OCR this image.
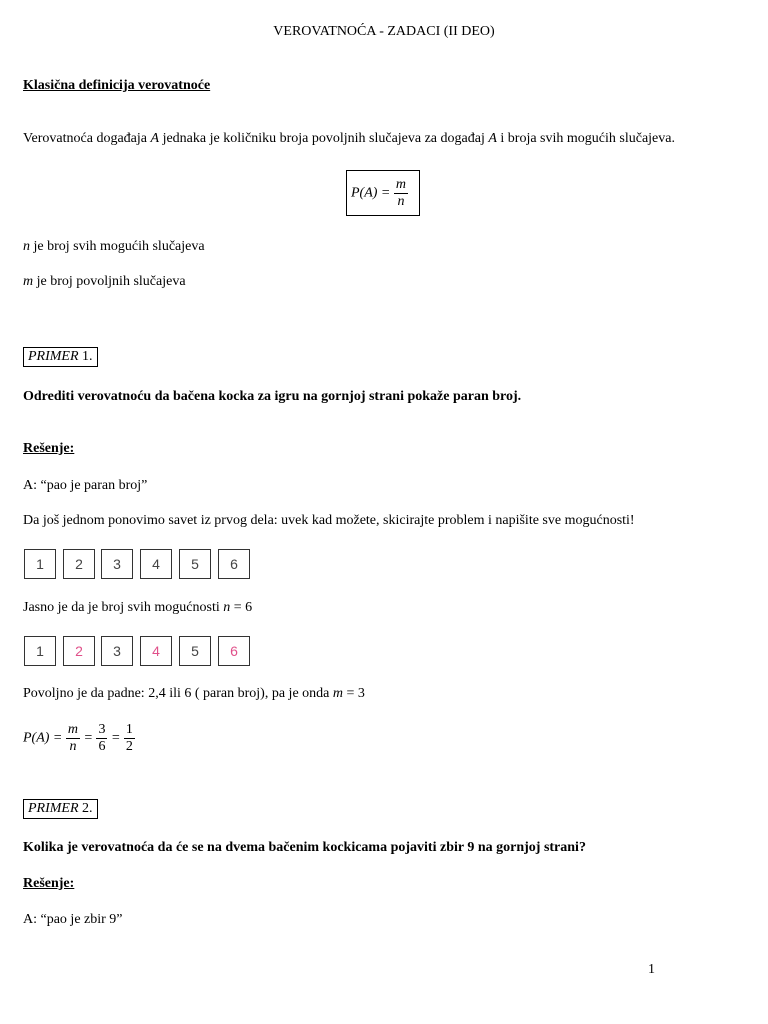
VEROVATNOĆA - ZADACI (II DEO)
Klasična definicija verovatnoće
Verovatnoća događaja A jednaka je količniku broja povoljnih slučajeva za događaj A i broja svih mogućih slučajeva.
$P(A) = \frac{m}{n}$
n je broj svih mogućih slučajeva
m je broj povoljnih slučajeva
PRIMER 1.
Odrediti verovatnoću da bačena kocka za igru na gornjoj strani pokaže paran broj.
Rešenje:
A: “pao je paran broj”
Da još jednom ponovimo savet iz prvog dela: uvek kad možete, skicirajte problem i napišite sve mogućnosti!
1	2	3	4	5	6
Jasno je da je broj svih mogućnosti n = 6
1	2	3	4	5	6
Povoljno je da padne: 2,4 ili 6 ( paran broj), pa je onda m = 3
$P(A) = \frac{m}{n} = \frac{3}{6} = \frac{1}{2}$
PRIMER 2.
Kolika je verovatnoća da će se na dvema bačenim kockicama pojaviti zbir 9 na gornjoj strani?
Rešenje:
A: “pao je zbir 9”
1
